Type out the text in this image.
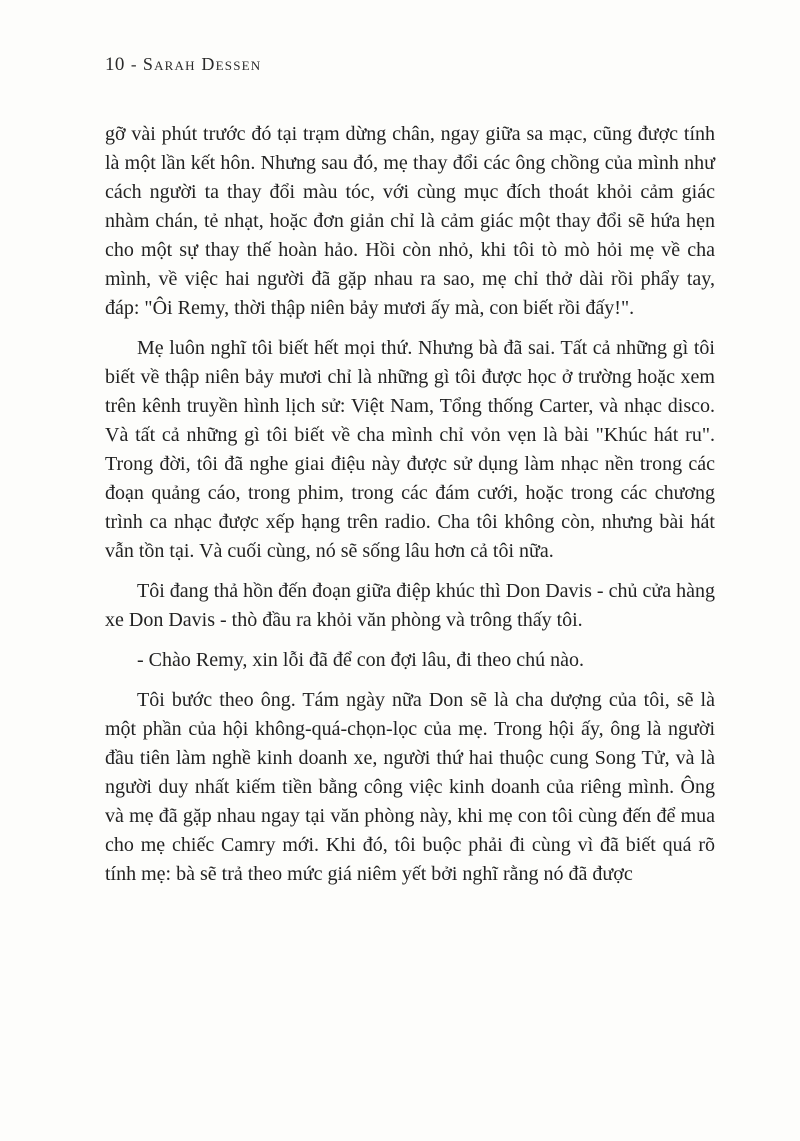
10 - Sarah Dessen

gỡ vài phút trước đó tại trạm dừng chân, ngay giữa sa mạc, cũng được tính là một lần kết hôn. Nhưng sau đó, mẹ thay đổi các ông chồng của mình như cách người ta thay đổi màu tóc, với cùng mục đích thoát khỏi cảm giác nhàm chán, tẻ nhạt, hoặc đơn giản chỉ là cảm giác một thay đổi sẽ hứa hẹn cho một sự thay thế hoàn hảo. Hồi còn nhỏ, khi tôi tò mò hỏi mẹ về cha mình, về việc hai người đã gặp nhau ra sao, mẹ chỉ thở dài rồi phẩy tay, đáp: "Ôi Remy, thời thập niên bảy mươi ấy mà, con biết rồi đấy!".

Mẹ luôn nghĩ tôi biết hết mọi thứ. Nhưng bà đã sai. Tất cả những gì tôi biết về thập niên bảy mươi chỉ là những gì tôi được học ở trường hoặc xem trên kênh truyền hình lịch sử: Việt Nam, Tổng thống Carter, và nhạc disco. Và tất cả những gì tôi biết về cha mình chỉ vỏn vẹn là bài "Khúc hát ru". Trong đời, tôi đã nghe giai điệu này được sử dụng làm nhạc nền trong các đoạn quảng cáo, trong phim, trong các đám cưới, hoặc trong các chương trình ca nhạc được xếp hạng trên radio. Cha tôi không còn, nhưng bài hát vẫn tồn tại. Và cuối cùng, nó sẽ sống lâu hơn cả tôi nữa.

Tôi đang thả hồn đến đoạn giữa điệp khúc thì Don Davis - chủ cửa hàng xe Don Davis - thò đầu ra khỏi văn phòng và trông thấy tôi.

- Chào Remy, xin lỗi đã để con đợi lâu, đi theo chú nào.

Tôi bước theo ông. Tám ngày nữa Don sẽ là cha dượng của tôi, sẽ là một phần của hội không-quá-chọn-lọc của mẹ. Trong hội ấy, ông là người đầu tiên làm nghề kinh doanh xe, người thứ hai thuộc cung Song Tử, và là người duy nhất kiếm tiền bằng công việc kinh doanh của riêng mình. Ông và mẹ đã gặp nhau ngay tại văn phòng này, khi mẹ con tôi cùng đến để mua cho mẹ chiếc Camry mới. Khi đó, tôi buộc phải đi cùng vì đã biết quá rõ tính mẹ: bà sẽ trả theo mức giá niêm yết bởi nghĩ rằng nó đã được
